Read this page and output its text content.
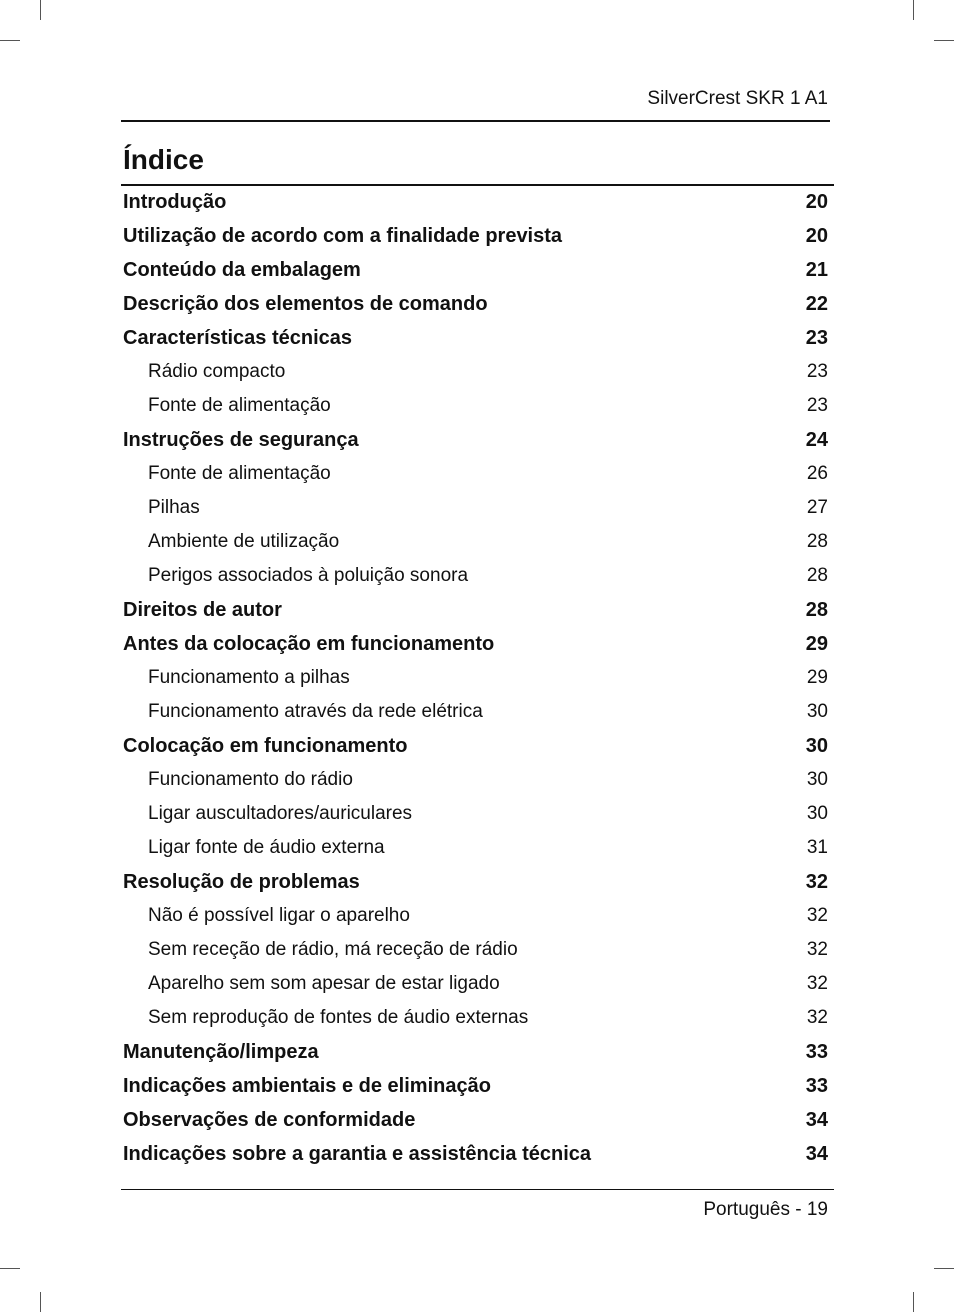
SilverCrest SKR 1 A1
Índice
Introdução	20
Utilização de acordo com a finalidade prevista	20
Conteúdo da embalagem	21
Descrição dos elementos de comando	22
Características técnicas	23
Rádio compacto	23
Fonte de alimentação	23
Instruções de segurança	24
Fonte de alimentação	26
Pilhas	27
Ambiente de utilização	28
Perigos associados à poluição sonora	28
Direitos de autor	28
Antes da colocação em funcionamento	29
Funcionamento a pilhas	29
Funcionamento através da rede elétrica	30
Colocação em funcionamento	30
Funcionamento do rádio	30
Ligar auscultadores/auriculares	30
Ligar fonte de áudio externa	31
Resolução de problemas	32
Não é possível ligar o aparelho	32
Sem receção de rádio, má receção de rádio	32
Aparelho sem som apesar de estar ligado	32
Sem reprodução de fontes de áudio externas	32
Manutenção/limpeza	33
Indicações ambientais e de eliminação	33
Observações de conformidade	34
Indicações sobre a garantia e assistência técnica	34
Português - 19
